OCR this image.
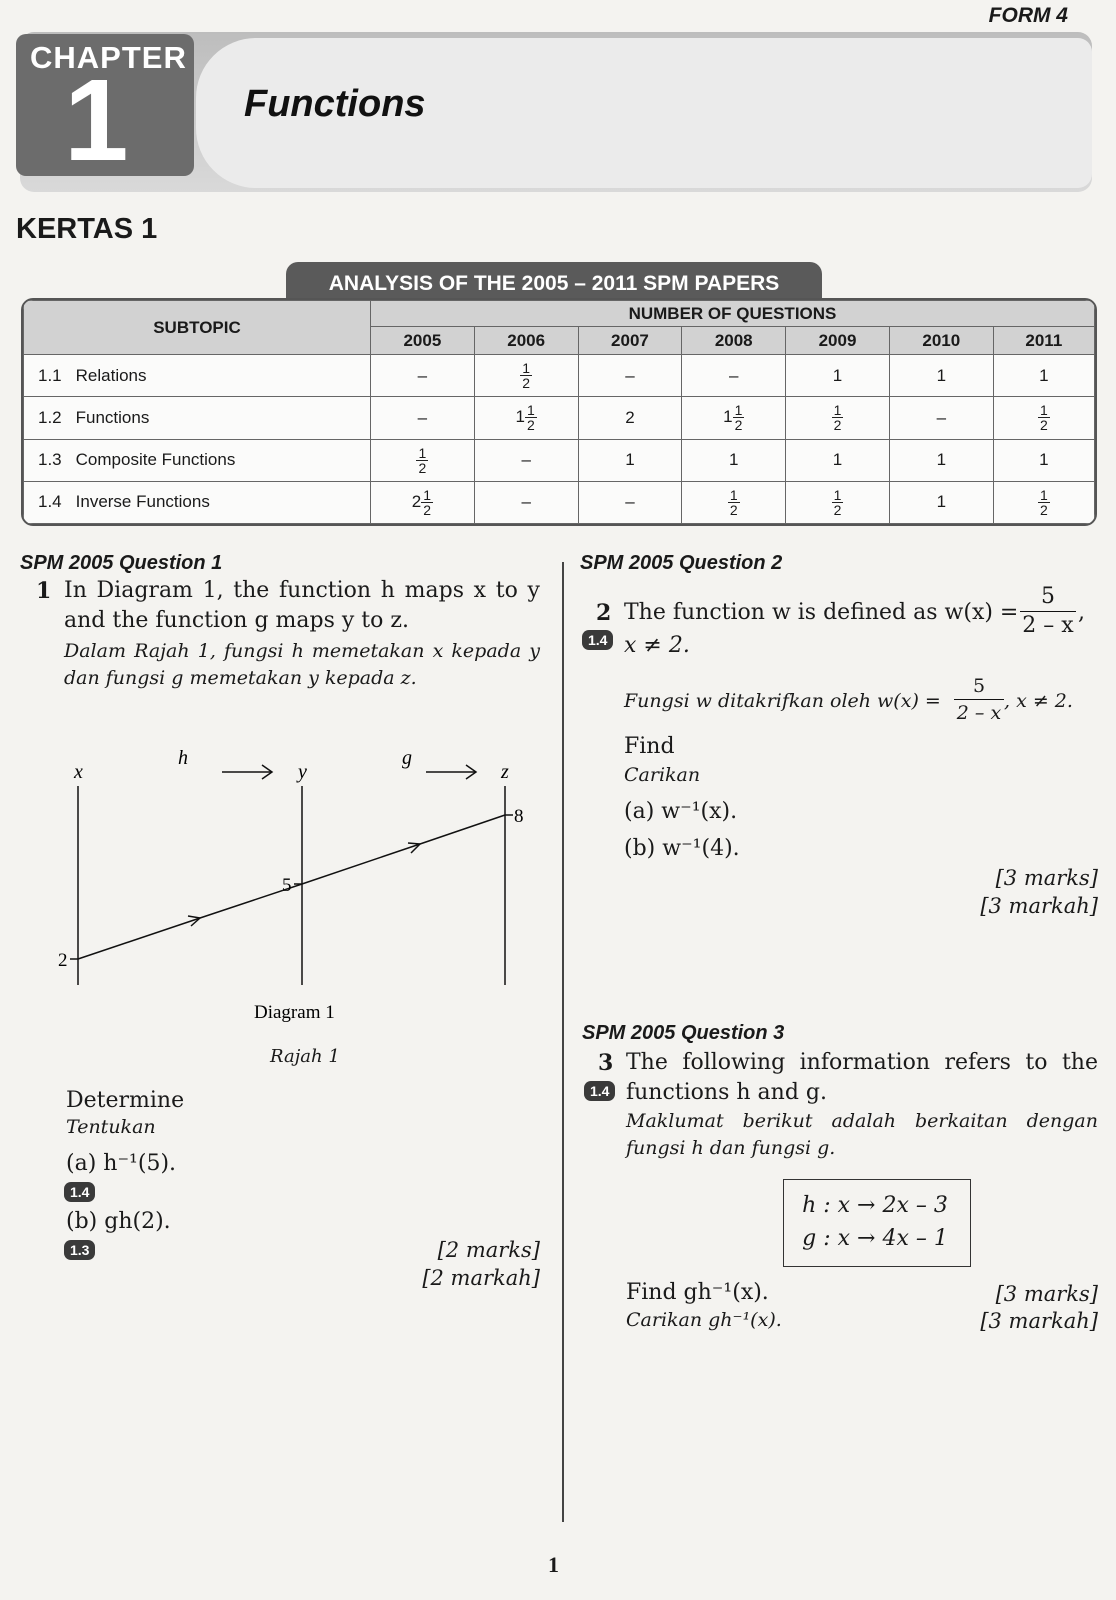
FORM 4
CHAPTER
1	Functions
KERTAS 1
ANALYSIS OF THE 2005 – 2011 SPM PAPERS
SUBTOPIC	NUMBER OF QUESTIONS						
	2005	2006	2007	2008	2009	2010	2011
1.1 Relations	–	$\frac{1}{2}$	–	–	1	1	1
1.2 Functions	–	$1 \frac{1}{2}$	2	$1 \frac{1}{2}$	$\frac{1}{2}$	–	$\frac{1}{2}$

1.3 Composite Functions	$\frac{1}{2}$	–	1	1	1	1	1
1.4 Inverse Functions	$2 \frac{1}{2}$	–	–	$\frac{1}{2}$	$\frac{1}{2}$	1	$\frac{1}{2}$
SPM 2005 Question 1
1 In Diagram 1, the function h maps x to y and the function g maps y to z.
Dalam Rajah 1, fungsi h memetakan x kepada y dan fungsi g memetakan y kepada z.
x
h
y
g
z
8
5
2
Diagram 1
Rajah 1
Determine
Tentukan
(a) h⁻¹(5).
1.4
(b) gh(2).
1.3	[2 marks]
[2 markah]
SPM 2005 Question 2
2
1.4
The function w is defined as w(x) =
5
2 – x
,
x ≠ 2.
Fungsi w ditakrifkan oleh w(x) =
5
2 – x
, x ≠ 2.
Find
Carikan
(a) w⁻¹(x).
(b) w⁻¹(4).
[3 marks]
[3 markah]
SPM 2005 Question 3
3
1.4
The following information refers to the functions h and g.
Maklumat berikut adalah berkaitan dengan fungsi h dan fungsi g.
h : x → 2x – 3
g : x → 4x – 1
Find gh⁻¹(x).
Carikan gh⁻¹(x).
[3 marks]
[3 markah]
1
